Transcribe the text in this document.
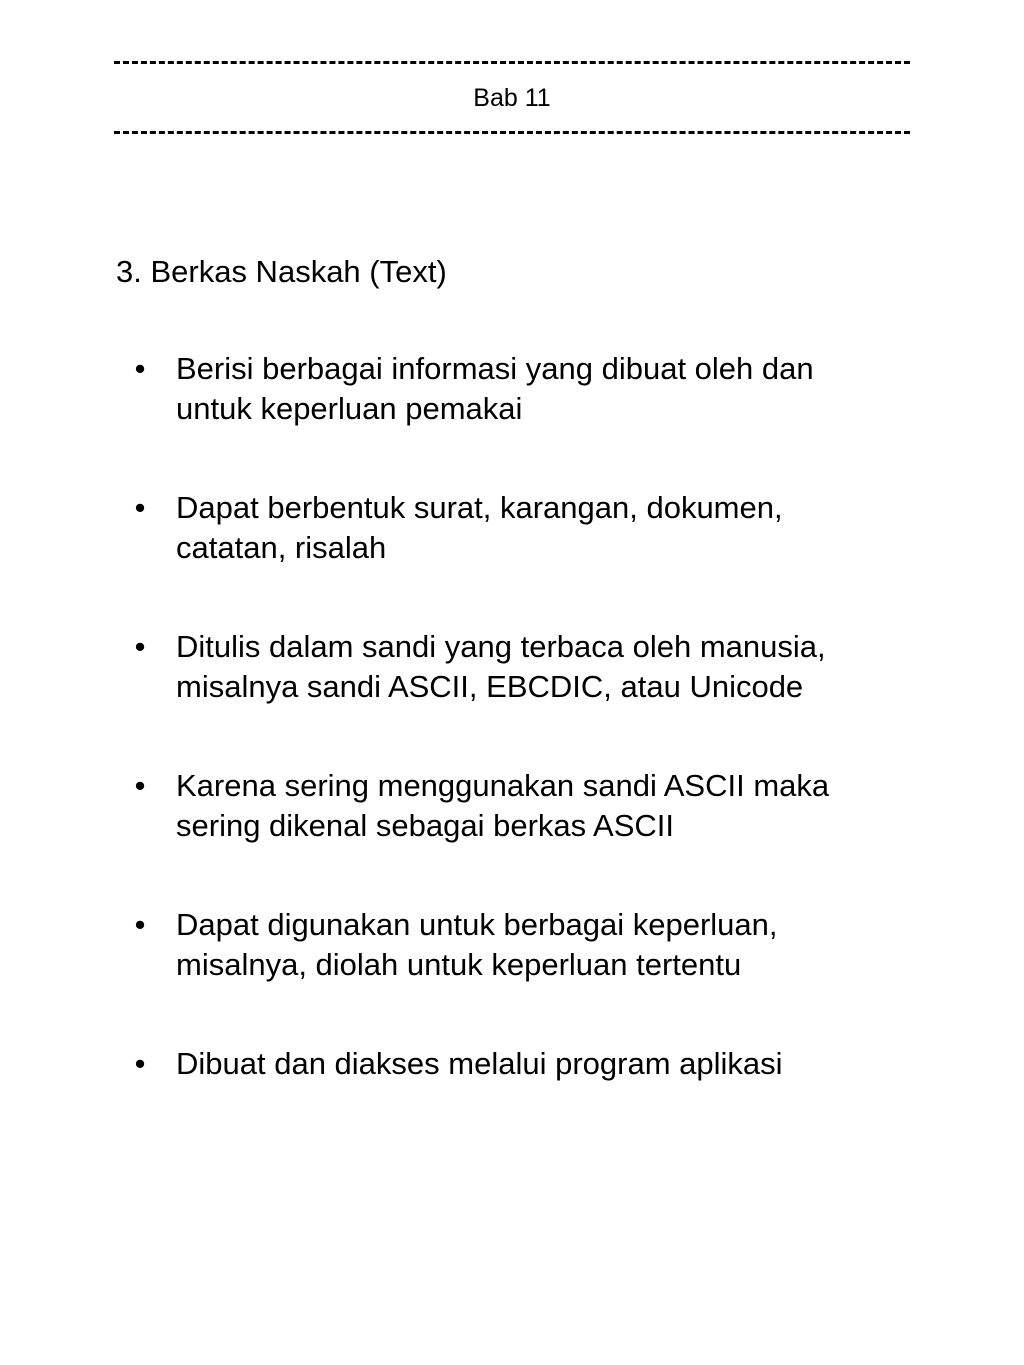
Bab 11
3. Berkas Naskah (Text)
• Berisi berbagai informasi yang dibuat oleh dan
untuk keperluan pemakai
• Dapat berbentuk surat, karangan, dokumen,
catatan, risalah
• Ditulis dalam sandi yang terbaca oleh manusia,
misalnya sandi ASCII, EBCDIC, atau Unicode
• Karena sering menggunakan sandi ASCII maka
sering dikenal sebagai berkas ASCII
• Dapat digunakan untuk berbagai keperluan,
misalnya, diolah untuk keperluan tertentu
• Dibuat dan diakses melalui program aplikasi
